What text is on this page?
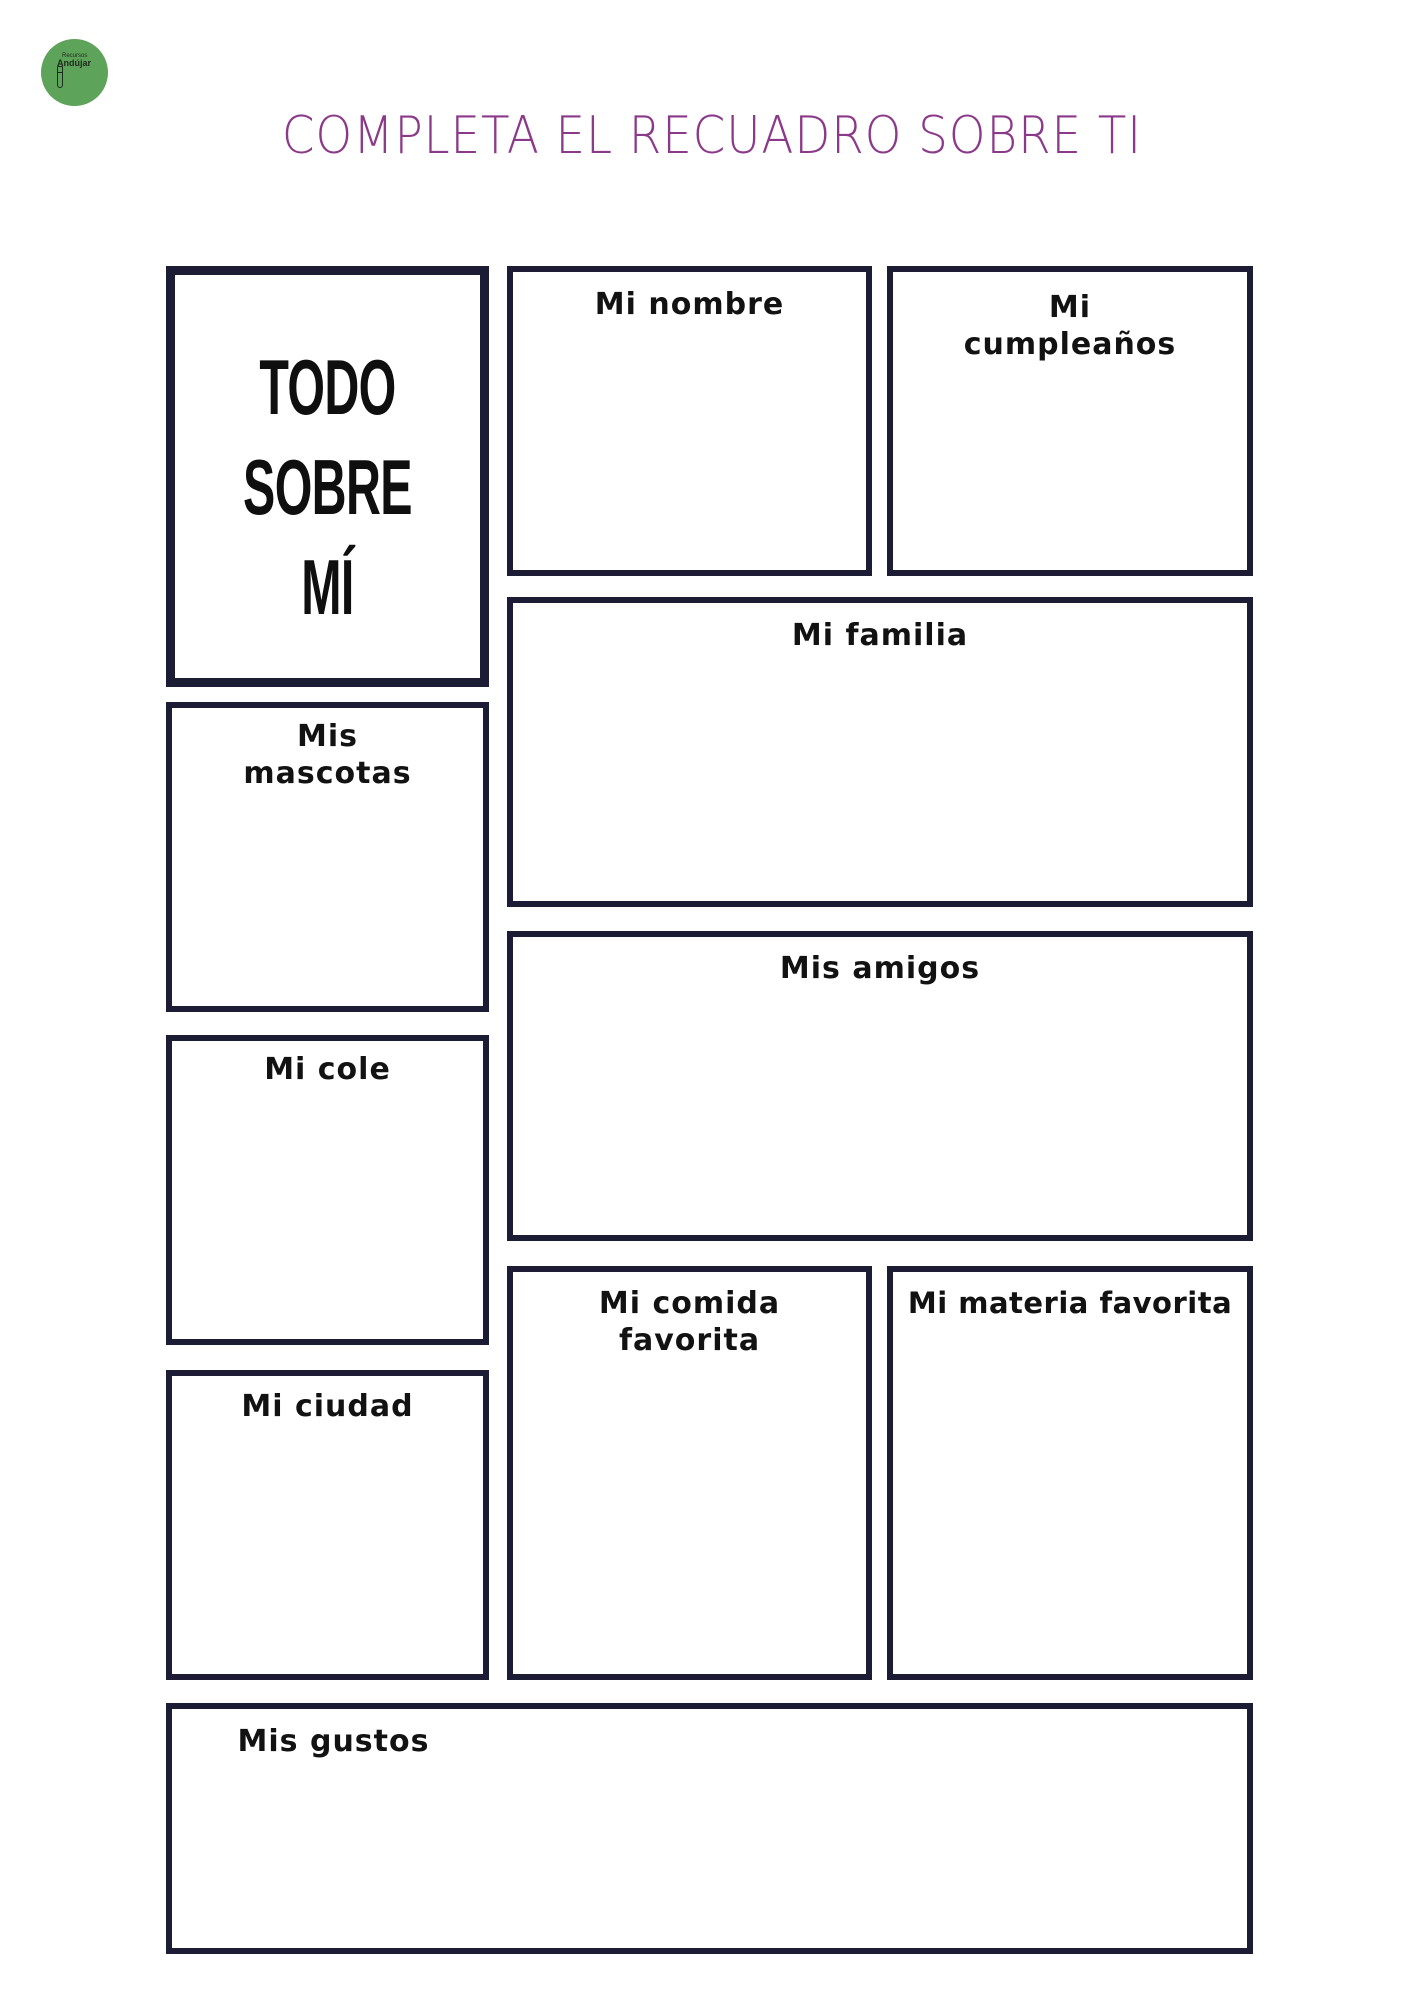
Recursos
Andújar
COMPLETA EL RECUADRO SOBRE TI
TODO
SOBRE MÍ
Mis
mascotas
Mi cole
Mi ciudad
Mi nombre	Mi
cumpleaños
Mi familia
Mis amigos
Mi comida
favorita
Mi materia favorita
Mis gustos
